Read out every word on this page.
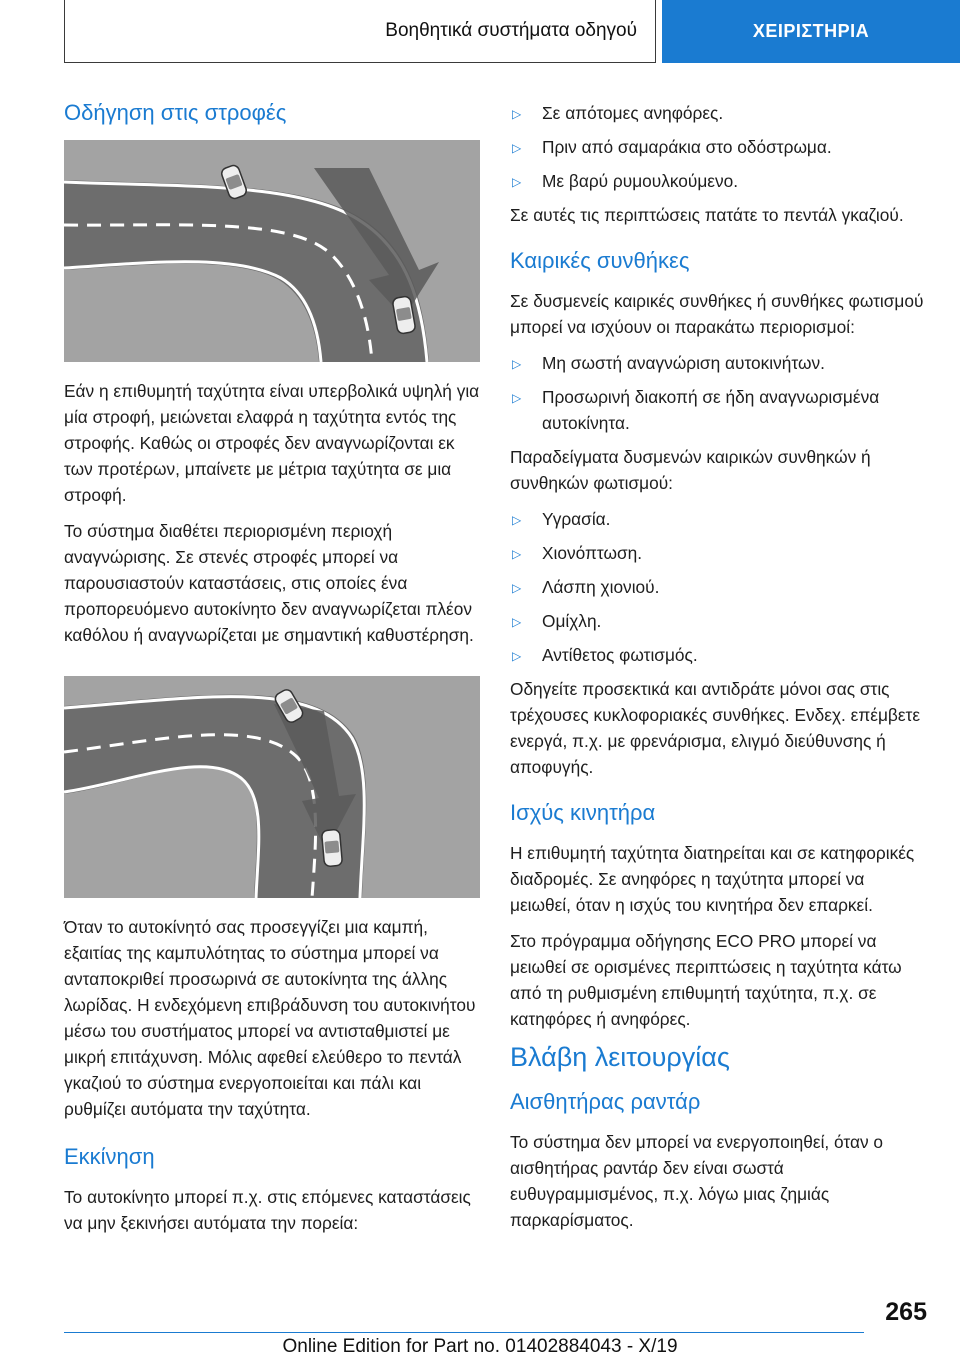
Βοηθητικά συστήματα οδηγού	ΧΕΙΡΙΣΤΗΡΙΑ
Οδήγηση στις στροφές

Εάν η επιθυμητή ταχύτητα είναι υπερβολικά υψηλή για μία στροφή, μειώνεται ελαφρά η ταχύτητα εντός της στροφής. Καθώς οι στροφές δεν αναγνωρίζονται εκ των προτέρων, μπαίνετε με μέτρια ταχύτητα σε μια στροφή.

Το σύστημα διαθέτει περιορισμένη περιοχή αναγνώρισης. Σε στενές στροφές μπορεί να παρουσιαστούν καταστάσεις, στις οποίες ένα προπορευόμενο αυτοκίνητο δεν αναγνωρίζεται πλέον καθόλου ή αναγνωρίζεται με σημαντική καθυστέρηση.

Όταν το αυτοκίνητό σας προσεγγίζει μια καμπή, εξαιτίας της καμπυλότητας το σύστημα μπορεί να ανταποκριθεί προσωρινά σε αυτοκίνητα της άλλης λωρίδας. Η ενδεχόμενη επιβράδυνση του αυτοκινήτου μέσω του συστήματος μπορεί να αντισταθμιστεί με μικρή επιτάχυνση. Μόλις αφεθεί ελεύθερο το πεντάλ γκαζιού το σύστημα ενεργοποιείται και πάλι και ρυθμίζει αυτόματα την ταχύτητα.

Εκκίνηση

Το αυτοκίνητο μπορεί π.χ. στις επόμενες καταστάσεις να μην ξεκινήσει αυτόματα την πορεία:

▷ Σε απότομες ανηφόρες.
▷ Πριν από σαμαράκια στο οδόστρωμα.
▷ Με βαρύ ρυμουλκούμενο.

Σε αυτές τις περιπτώσεις πατάτε το πεντάλ γκαζιού.

Καιρικές συνθήκες

Σε δυσμενείς καιρικές συνθήκες ή συνθήκες φωτισμού μπορεί να ισχύουν οι παρακάτω περιορισμοί:

▷ Μη σωστή αναγνώριση αυτοκινήτων.
▷ Προσωρινή διακοπή σε ήδη αναγνωρισμένα αυτοκίνητα.

Παραδείγματα δυσμενών καιρικών συνθηκών ή συνθηκών φωτισμού:

▷ Υγρασία.
▷ Χιονόπτωση.
▷ Λάσπη χιονιού.
▷ Ομίχλη.
▷ Αντίθετος φωτισμός.

Οδηγείτε προσεκτικά και αντιδράτε μόνοι σας στις τρέχουσες κυκλοφοριακές συνθήκες. Ενδεχ. επέμβετε ενεργά, π.χ. με φρενάρισμα, ελιγμό διεύθυνσης ή αποφυγής.

Ισχύς κινητήρα

Η επιθυμητή ταχύτητα διατηρείται και σε κατηφορικές διαδρομές. Σε ανηφόρες η ταχύτητα μπορεί να μειωθεί, όταν η ισχύς του κινητήρα δεν επαρκεί.

Στο πρόγραμμα οδήγησης ECO PRO μπορεί να μειωθεί σε ορισμένες περιπτώσεις η ταχύτητα κάτω από τη ρυθμισμένη επιθυμητή ταχύτητα, π.χ. σε κατηφόρες ή ανηφόρες.

Βλάβη λειτουργίας
Αισθητήρας ραντάρ

Το σύστημα δεν μπορεί να ενεργοποιηθεί, όταν ο αισθητήρας ραντάρ δεν είναι σωστά ευθυγραμμισμένος, π.χ. λόγω μιας ζημιάς παρκαρίσματος.

265
Online Edition for Part no. 01402884043 - X/19
